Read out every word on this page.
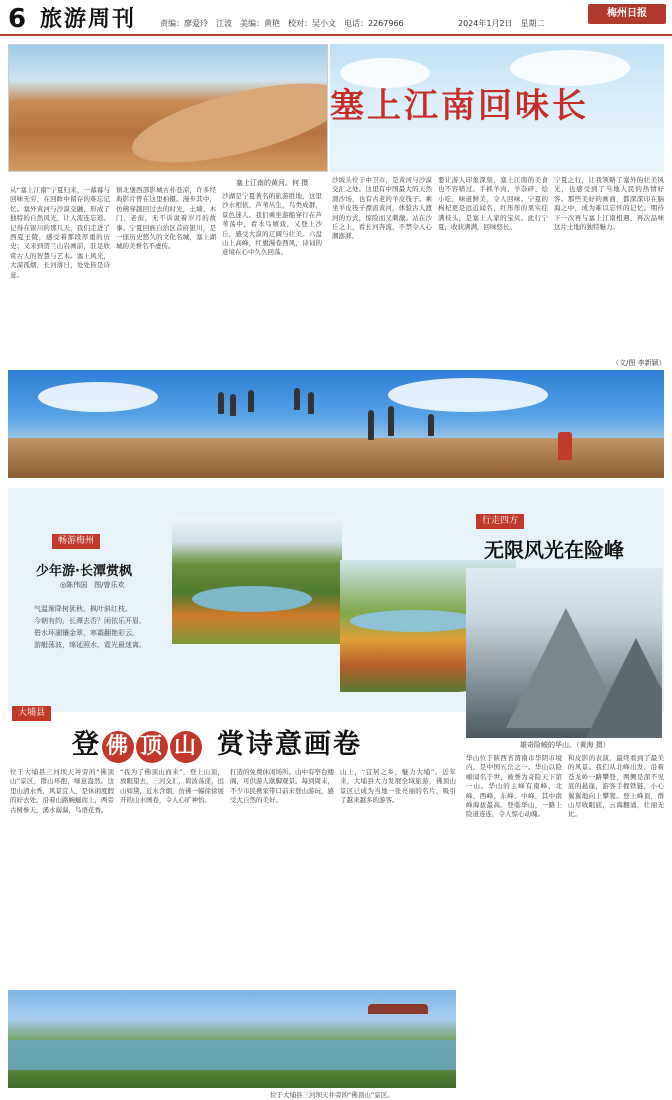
6 旅游周刊	责编：廖爱玲　江波　美编：黄艳　校对：吴小文　电话：2267966	2024年1月2日　星期二
梅州日报
塞上江南回味长
塞上江南的黄河。何 摄
从“塞上江南”宁夏归来，一幕幕与回味无穷，在回眸中留存的难忘记忆。塞外黄河与沙漠交融，形成了独特的自然风光，让人流连忘返。记得在银川的那几天，我们走进了西夏王陵，感受着那段厚重的历史；又来到贺兰山岩画前，驻足欣赏古人的智慧与艺术。塞上风光，大漠孤烟，长河落日，处处皆是诗意。
镇北堡西部影城古朴苍凉，许多经典影片曾在这里拍摄。漫步其中，仿佛穿越回过去的时光，土墙、木门、老街，无不诉说着岁月的故事。宁夏回族自治区首府银川，是一座历史悠久的文化名城，塞上湖城的美誉名不虚传。
沙湖是宁夏著名的旅游胜地，这里沙水相依，芦苇丛生，鸟类成群，景色迷人。我们乘坐游船穿行在芦苇荡中，看水鸟嬉戏，又登上沙丘，感受大漠的辽阔与壮美。六盘山上高峰，红旗漫卷西风，诗词的意境在心中久久回荡。
沙坡头位于中卫市，是黄河与沙漠交汇之处。这里有中国最大的天然滑沙场，也有古老的羊皮筏子。乘坐羊皮筏子漂流黄河，体验古人渡河的方式，惊险而又刺激。站在沙丘之上，看长河奔流，不禁令人心潮澎湃。
要让游人印象深刻，塞上江南的美食也不容错过。手抓羊肉、羊杂碎、烩小吃，味道鲜美，令人回味。宁夏的枸杞更是远近闻名，红彤彤的果实挂满枝头，是塞上人家的宝贝。此行宁夏，收获满满，回味悠长。
宁夏之行，让我领略了塞外的壮美风光，也感受到了当地人民的热情好客。那些美好的画面，都深深印在脑海之中，成为难以忘怀的记忆。期待下一次再与塞上江南相遇，再次品味这片土地的独特魅力。
（文/图 李新颖）
畅游梅州
少年游·长潭赏枫
◎陈伟国　图/曾乐欢
气温渐降树犹秋，枫叶斜红枝。
今朝有约，长潭去否？闲依乐开眉。
碧水环湖镶金翠，寒霜翻艳彩云。
游艇荡波，绵延照水，霓光最迷离。
行走四方
无限风光在险峰
雄奇险峻的华山。（黄海 摄）
华山位于陕西省渭南市华阴市境内，是中国五岳之一。华山以险峻闻名于世，被誉为奇险天下第一山。华山的主峰有南峰、北峰、西峰、东峰、中峰，其中南峰海拔最高。登临华山，一路上险道连连，令人惊心动魄。
和皮影的表演，最终看到了最美的风景。我们从北峰出发，沿着苍龙岭一路攀登，两侧是深不见底的悬崖，游客手握铁链，小心翼翼地向上攀爬。登上峰顶，群山尽收眼底，云海翻涌，壮丽无比。
大埔县
登 佛 顶 山 赏诗意画卷
位于大埔县三河坝天井旁的“佛顶山”景区，群山环抱，绿意盎然。这里山清水秀，风景宜人，是休闲度假的好去处。沿着山路蜿蜒而上，两旁古树参天，溪水潺潺，鸟语花香。
“我为了佛顶山而来”，登上山顶，放眼望去，三河交汇，碧波荡漾，远山如黛，近水含烟，仿佛一幅徐徐展开的山水画卷，令人心旷神怡。
打造的免费休闲场所。山中有亭台楼阁，可供游人歇脚观景。每到周末，不少市民携家带口前来登山游玩，感受大自然的美好。
山上，“宜居之乡，魅力大埔”。近年来，大埔县大力发展全域旅游，佛顶山景区已成为当地一张亮丽的名片，吸引了越来越多的游客。
位于大埔县三河坝天井旁的“佛顶山”景区。
